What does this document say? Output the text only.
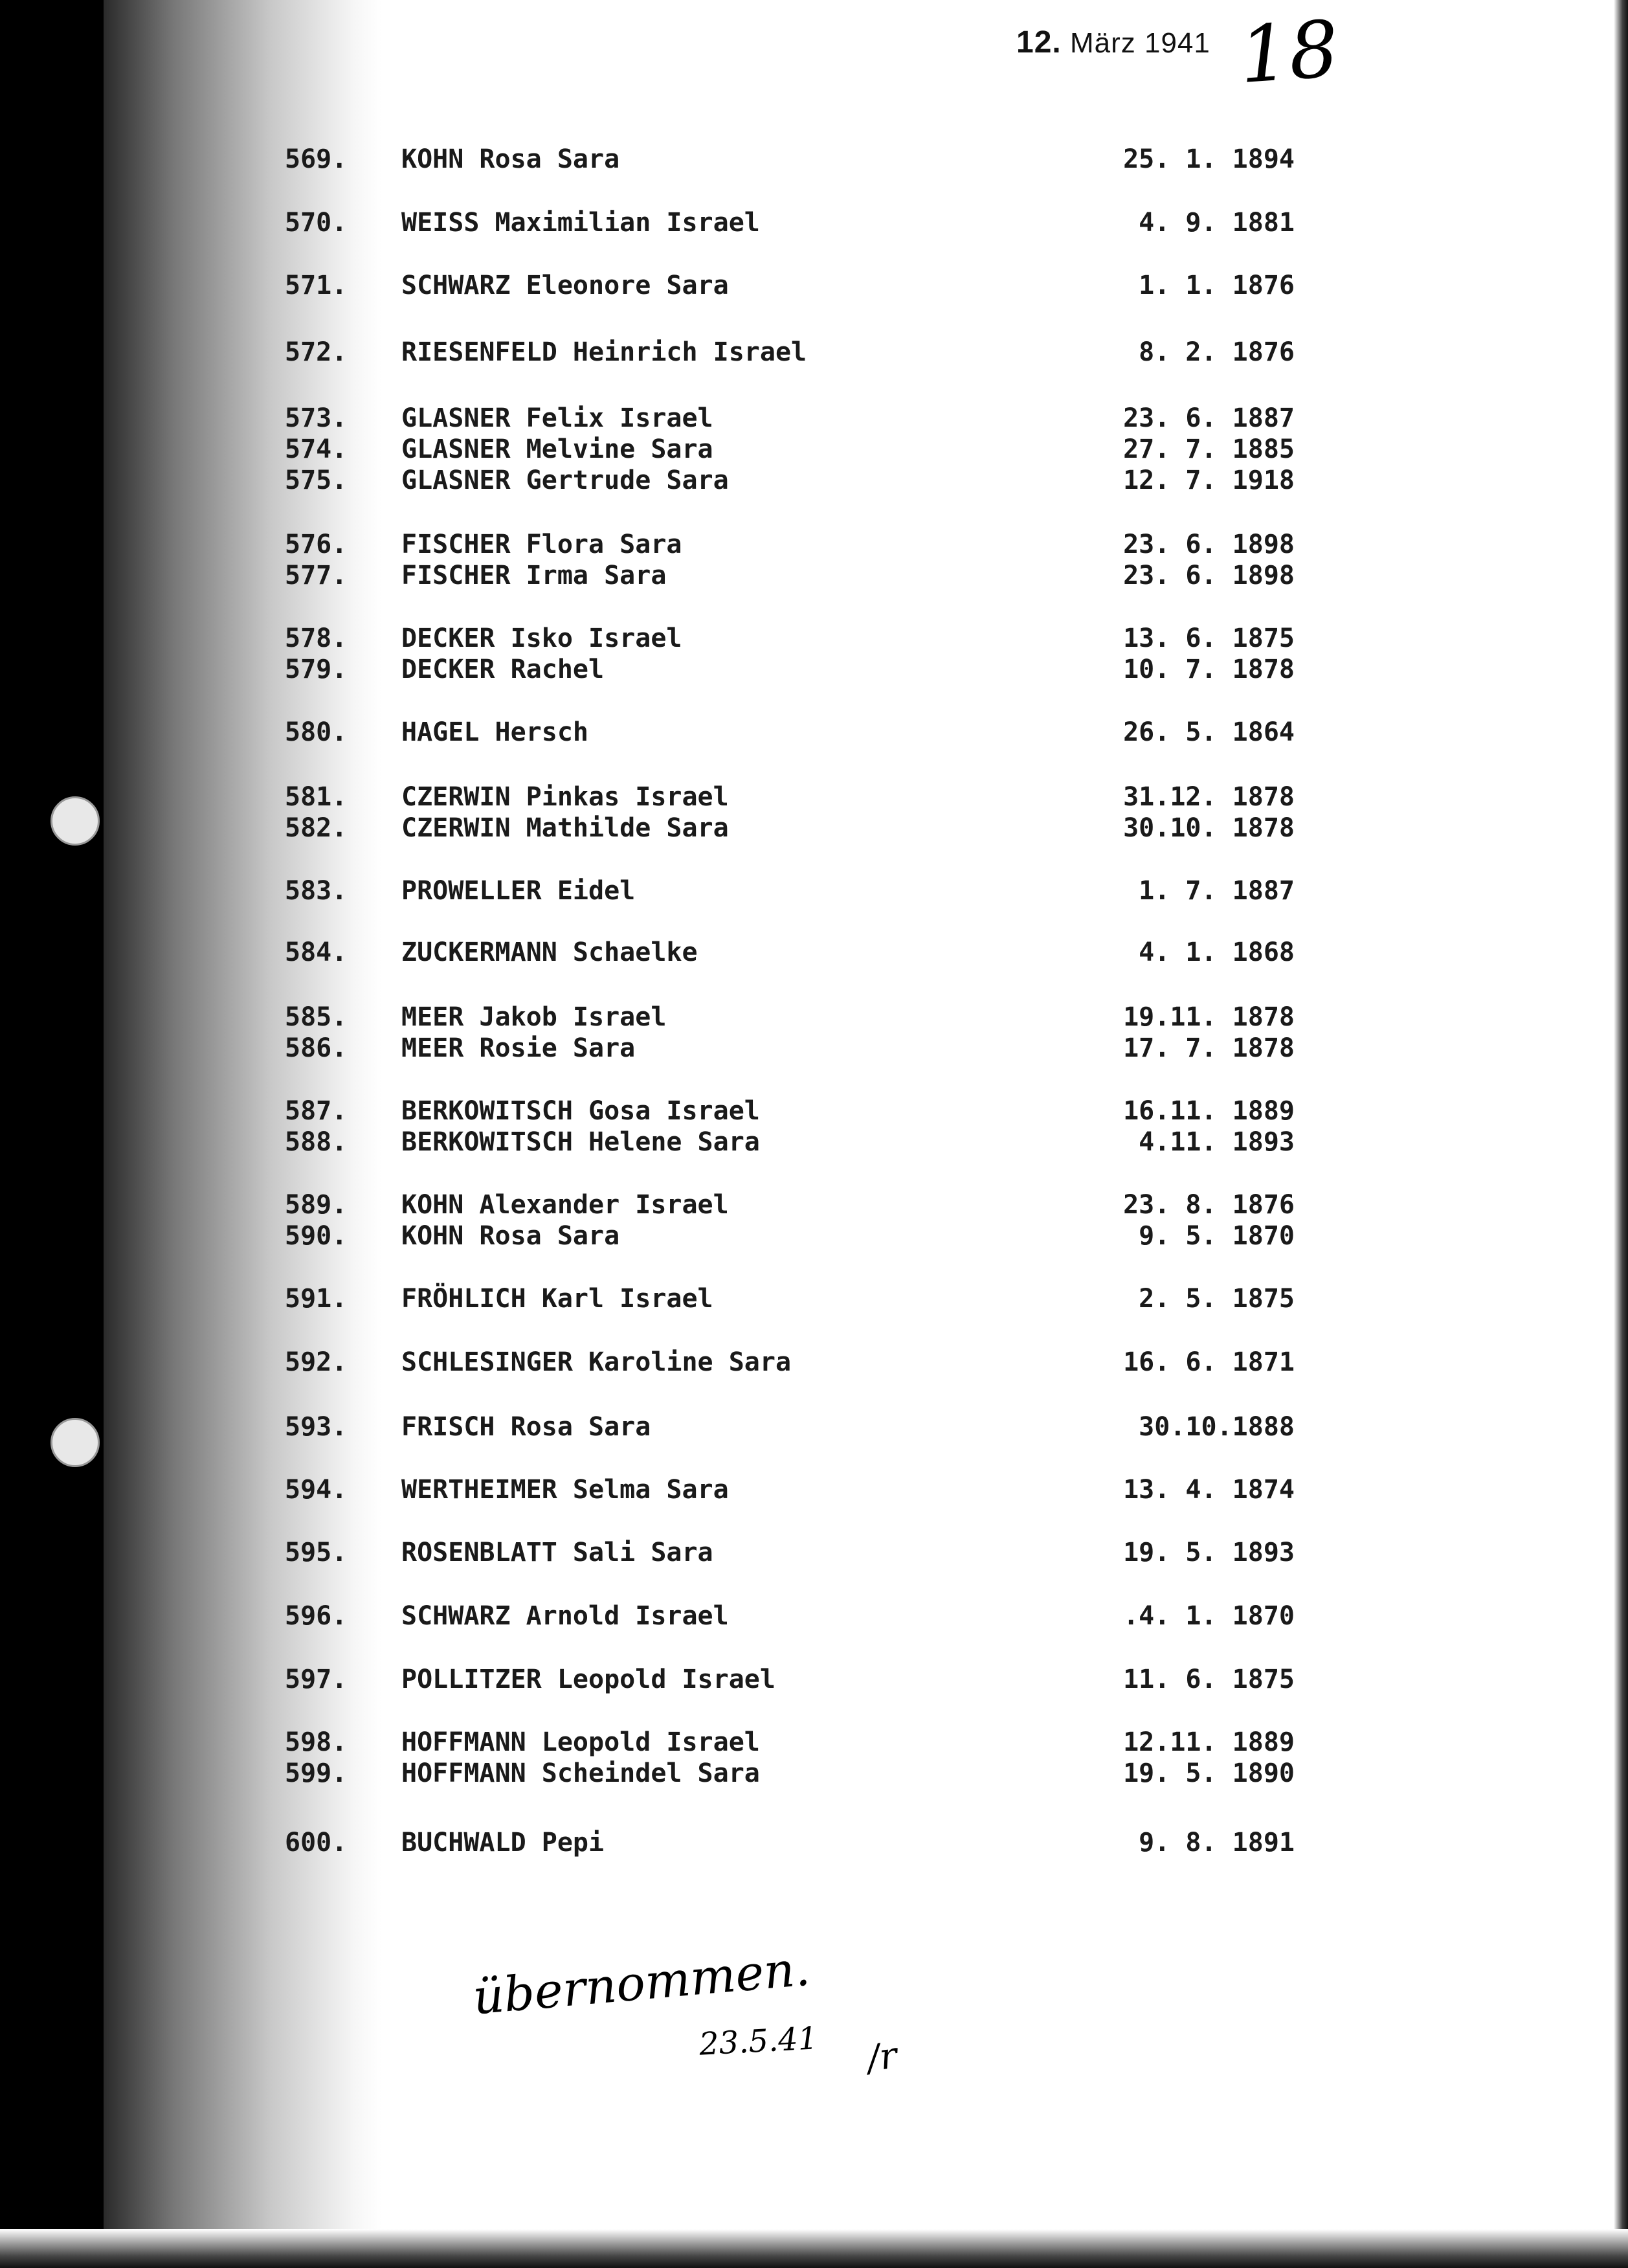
12. März 1941 18
569.	KOHN Rosa Sara	25. 1. 1894
570.	WEISS Maximilian Israel	4. 9. 1881
571.	SCHWARZ Eleonore Sara	1. 1. 1876
572.	RIESENFELD Heinrich Israel	8. 2. 1876
573.	GLASNER Felix Israel	23. 6. 1887
574.	GLASNER Melvine Sara	27. 7. 1885
575.	GLASNER Gertrude Sara	12. 7. 1918
576.	FISCHER Flora Sara	23. 6. 1898
577.	FISCHER Irma Sara	23. 6. 1898
578.	DECKER Isko Israel	13. 6. 1875
579.	DECKER Rachel	10. 7. 1878
580.	HAGEL Hersch	26. 5. 1864
581.	CZERWIN Pinkas Israel	31.12. 1878
582.	CZERWIN Mathilde Sara	30.10. 1878
583.	PROWELLER Eidel	1. 7. 1887
584.	ZUCKERMANN Schaelke	4. 1. 1868
585.	MEER Jakob Israel	19.11. 1878
586.	MEER Rosie Sara	17. 7. 1878
587.	BERKOWITSCH Gosa Israel	16.11. 1889
588.	BERKOWITSCH Helene Sara	4.11. 1893
589.	KOHN Alexander Israel	23. 8. 1876
590.	KOHN Rosa Sara	9. 5. 1870
591.	FRÖHLICH Karl Israel	2. 5. 1875
592.	SCHLESINGER Karoline Sara	16. 6. 1871
593.	FRISCH Rosa Sara	30.10.1888
594.	WERTHEIMER Selma Sara	13. 4. 1874
595.	ROSENBLATT Sali Sara	19. 5. 1893
596.	SCHWARZ Arnold Israel	.4. 1. 1870
597.	POLLITZER Leopold Israel	11. 6. 1875
598.	HOFFMANN Leopold Israel	12.11. 1889
599.	HOFFMANN Scheindel Sara	19. 5. 1890
600.	BUCHWALD Pepi	9. 8. 1891
übernommen.
23.5.41 /r
